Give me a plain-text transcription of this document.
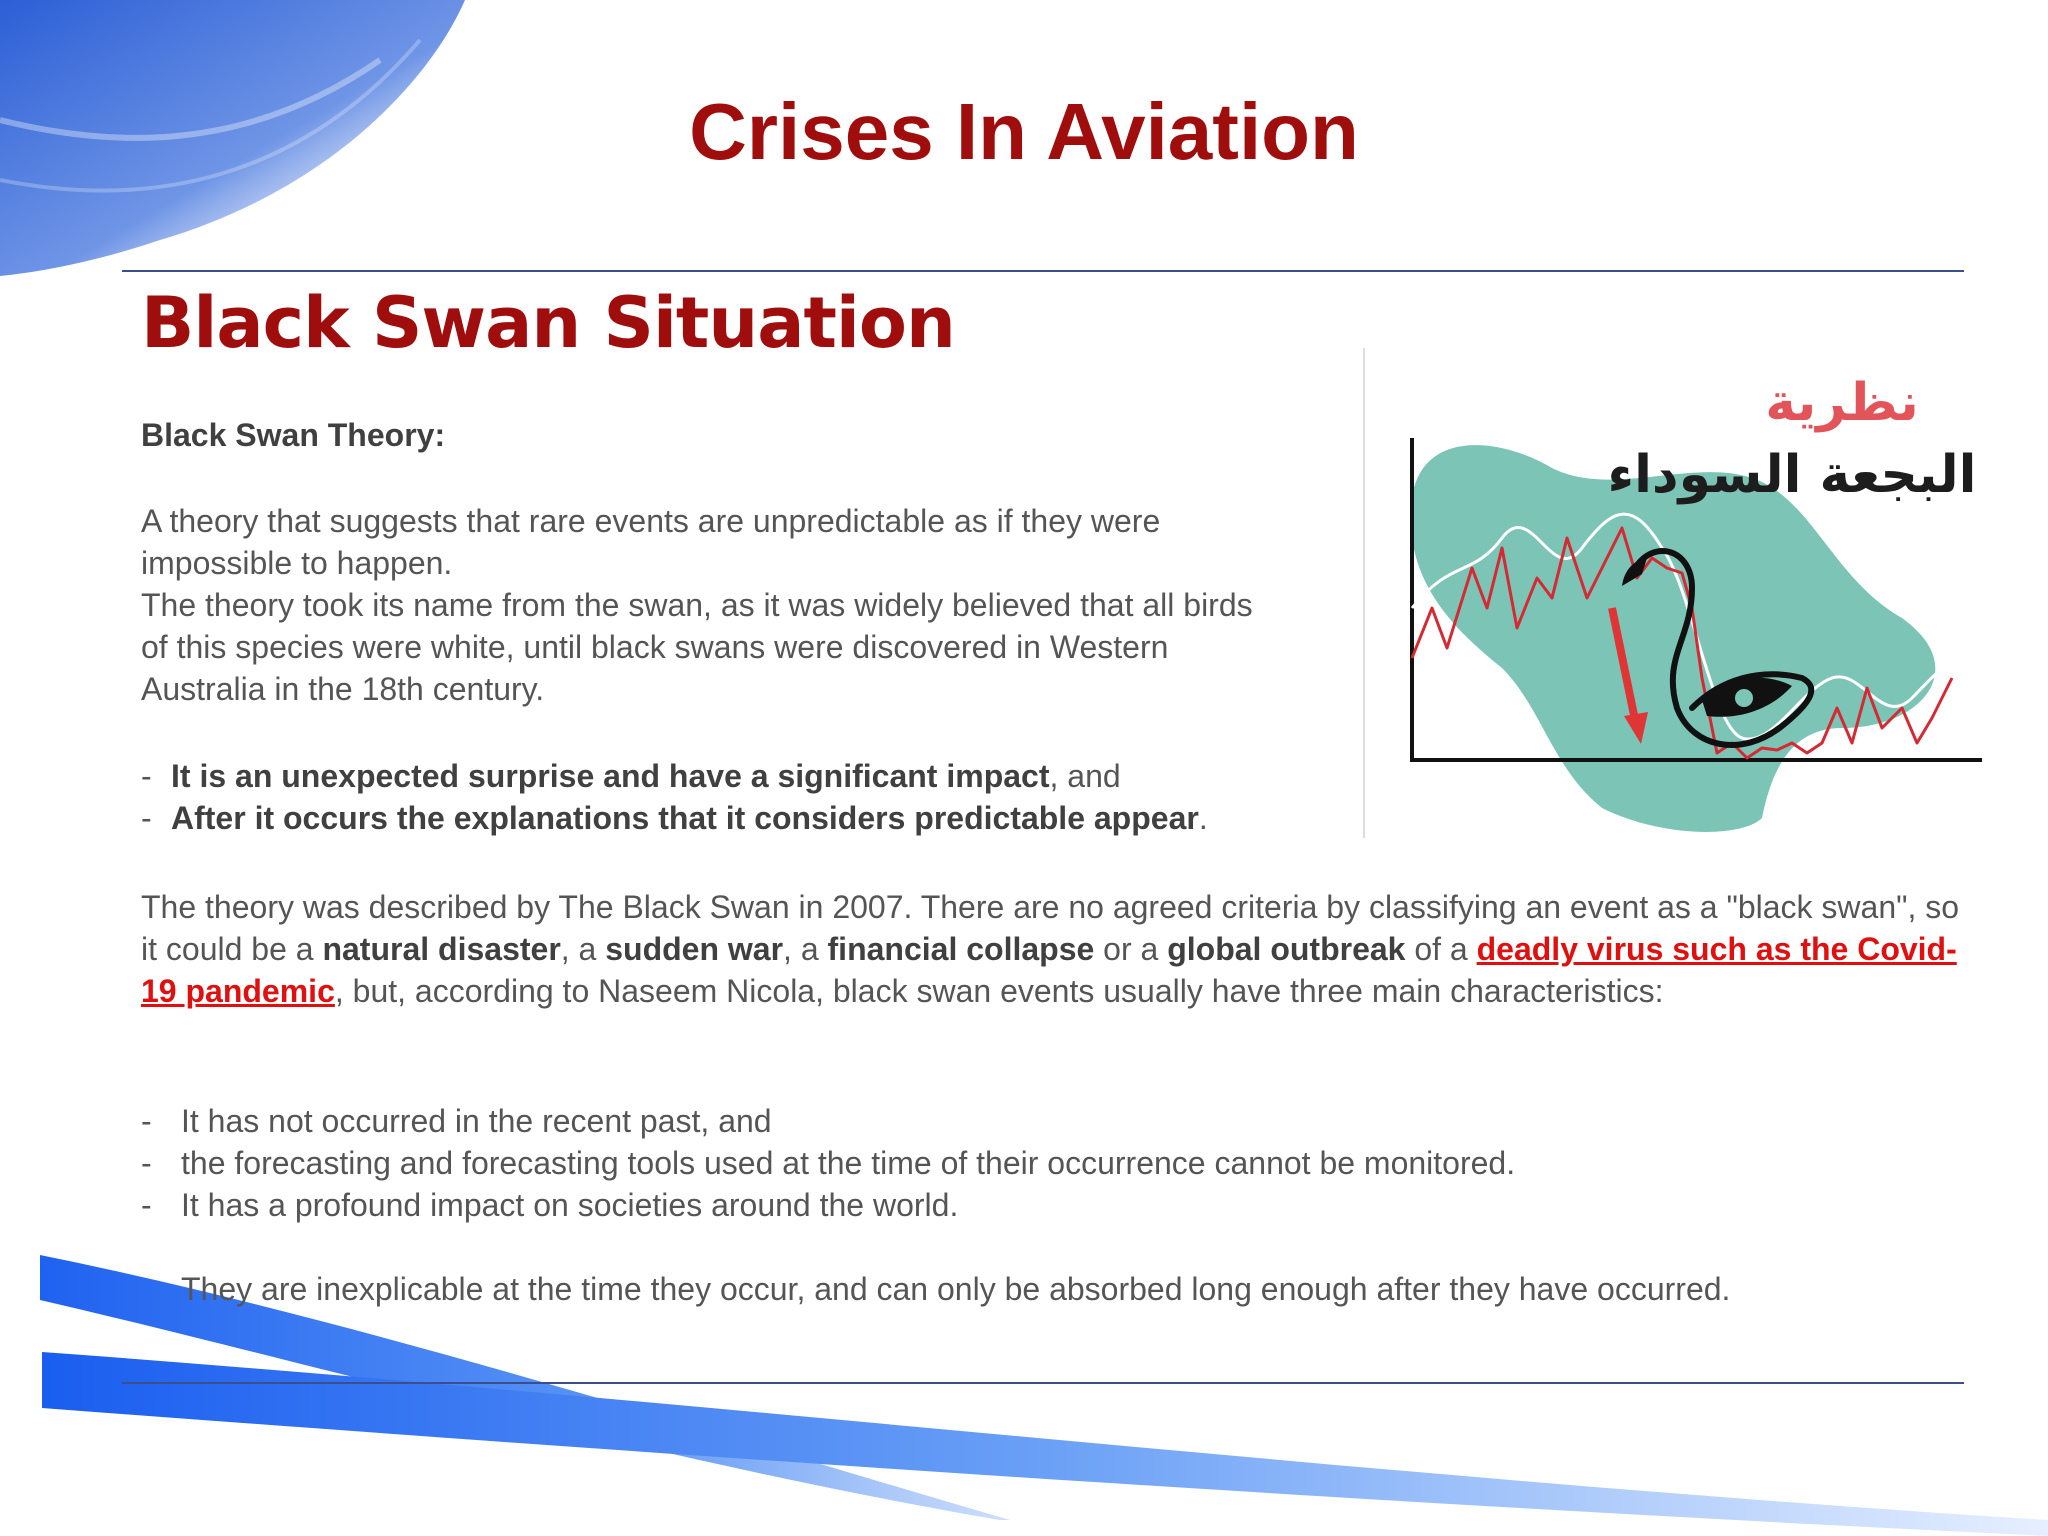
Crises In Aviation
Black Swan Situation
Black Swan Theory:
A theory that suggests that rare events are unpredictable as if they were
impossible to happen.
The theory took its name from the swan, as it was widely believed that all birds
of this species were white, until black swans were discovered in Western
Australia in the 18th century.
- It is an unexpected surprise and have a significant impact, and
- After it occurs the explanations that it considers predictable appear.
The theory was described by The Black Swan in 2007. There are no agreed criteria by classifying an event as a "black swan", so it could be a natural disaster, a sudden war, a financial collapse or a global outbreak of a deadly virus such as the Covid-19 pandemic, but, according to Naseem Nicola, black swan events usually have three main characteristics:
- It has not occurred in the recent past, and
- the forecasting and forecasting tools used at the time of their occurrence cannot be monitored.
- It has a profound impact on societies around the world.
They are inexplicable at the time they occur, and can only be absorbed long enough after they have occurred.
نظرية
البجعة السوداء
